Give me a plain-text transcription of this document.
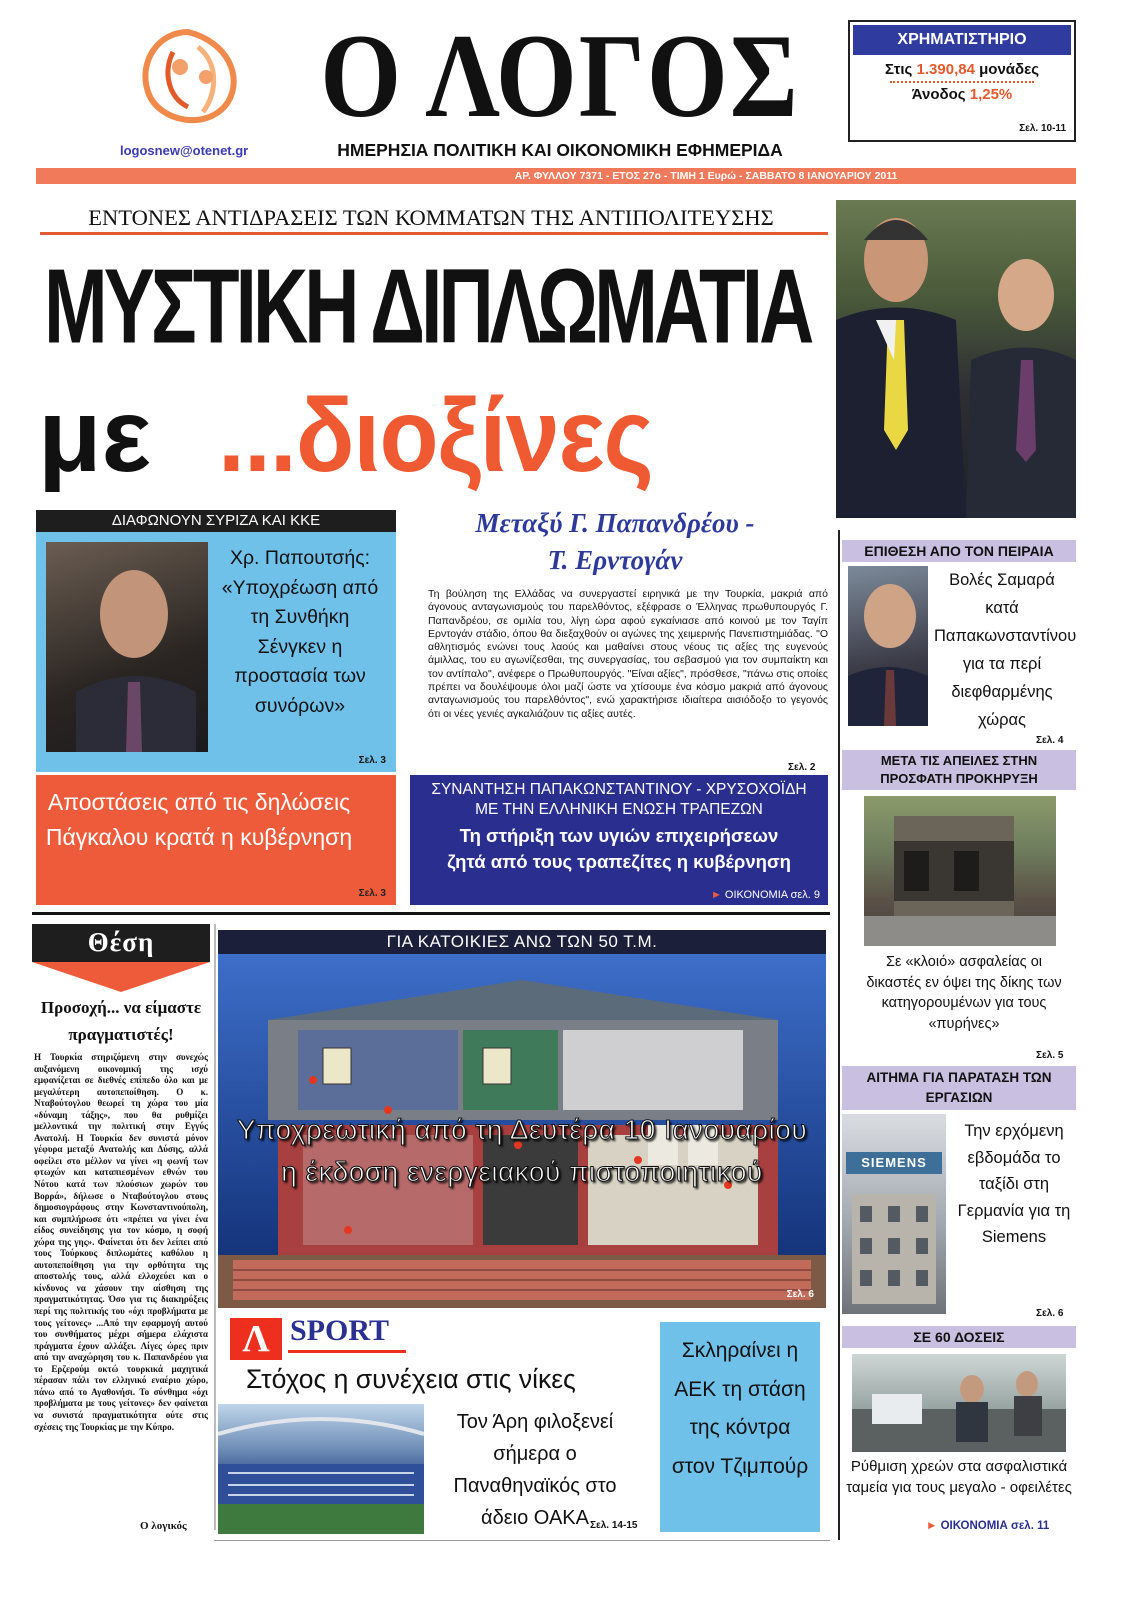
logosnew@otenet.gr
Ο ΛΟΓΟΣ
ΗΜΕΡΗΣΙΑ ΠΟΛΙΤΙΚΗ ΚΑΙ ΟΙΚΟΝΟΜΙΚΗ ΕΦΗΜΕΡΙΔΑ
ΧΡΗΜΑΤΙΣΤΗΡΙΟ
Στις 1.390,84 μονάδες
Άνοδος 1,25%
Σελ. 10-11
ΑΡ. ΦΥΛΛΟΥ 7371 - ΕΤΟΣ 27ο - ΤΙΜΗ 1 Ευρώ - ΣΑΒΒΑΤΟ 8 ΙΑΝΟΥΑΡΙΟΥ 2011
ΕΝΤΟΝΕΣ ΑΝΤΙΔΡΑΣΕΙΣ ΤΩΝ ΚΟΜΜΑΤΩΝ ΤΗΣ ΑΝΤΙΠΟΛΙΤΕΥΣΗΣ
ΜΥΣΤΙΚΗ ΔΙΠΛΩΜΑΤΙΑ
με ...διοξίνες
ΔΙΑΦΩΝΟΥΝ ΣΥΡΙΖΑ ΚΑΙ ΚΚΕ
Χρ. Παπουτσής: «Υποχρέωση από τη Συνθήκη Σένγκεν η προστασία των συνόρων»
Σελ. 3
Μεταξύ Γ. Παπανδρέου -
Τ. Ερντογάν
Τη βούληση της Ελλάδας να συνεργαστεί ειρηνικά με την Τουρκία, μακριά από άγονους ανταγωνισμούς του παρελθόντος, εξέφρασε ο Έλληνας πρωθυπουργός Γ. Παπανδρέου, σε ομιλία του, λίγη ώρα αφού εγκαίνιασε από κοινού με τον Ταγίπ Ερντογάν στάδιο, όπου θα διεξαχθούν οι αγώνες της χειμερινής Πανεπιστημιάδας. "Ο αθλητισμός ενώνει τους λαούς και μαθαίνει στους νέους τις αξίες της ευγενούς άμιλλας, του ευ αγωνίζεσθαι, της συνεργασίας, του σεβασμού για τον συμπαίκτη και τον αντίπαλο", ανέφερε ο Πρωθυπουργός. "Είναι αξίες", πρόσθεσε, "πάνω στις οποίες πρέπει να δουλέψουμε όλοι μαζί ώστε να χτίσουμε ένα κόσμο μακριά από άγονους ανταγωνισμούς του παρελθόντος", ενώ χαρακτήρισε ιδιαίτερα αισιόδοξο το γεγονός ότι οι νέες γενιές αγκαλιάζουν τις αξίες αυτές.
Σελ. 2
Αποστάσεις από τις δηλώσεις Πάγκαλου κρατά η κυβέρνηση
Σελ. 3
ΣΥΝΑΝΤΗΣΗ ΠΑΠΑΚΩΝΣΤΑΝΤΙΝΟΥ - ΧΡΥΣΟΧΟΪΔΗ
ΜΕ ΤΗΝ ΕΛΛΗΝΙΚΗ ΕΝΩΣΗ ΤΡΑΠΕΖΩΝ
Τη στήριξη των υγιών επιχειρήσεων
ζητά από τους τραπεζίτες η κυβέρνηση
► ΟΙΚΟΝΟΜΙΑ σελ. 9
ΕΠΙΘΕΣΗ ΑΠΟ ΤΟΝ ΠΕΙΡΑΙΑ
Βολές Σαμαρά κατά Παπακωνσταντίνου για τα περί διεφθαρμένης χώρας
Σελ. 4
ΜΕΤΑ ΤΙΣ ΑΠΕΙΛΕΣ ΣΤΗΝ
ΠΡΟΣΦΑΤΗ ΠΡΟΚΗΡΥΞΗ
Σε «κλοιό» ασφαλείας οι δικαστές εν όψει της δίκης των κατηγορουμένων για τους «πυρήνες»
Σελ. 5
ΑΙΤΗΜΑ ΓΙΑ ΠΑΡΑΤΑΣΗ ΤΩΝ
ΕΡΓΑΣΙΩΝ
SIEMENS
Την ερχόμενη εβδομάδα το ταξίδι στη Γερμανία για τη Siemens
Σελ. 6
ΣΕ 60 ΔΟΣΕΙΣ
Ρύθμιση χρεών στα ασφαλιστικά ταμεία για τους μεγαλο - οφειλέτες
► ΟΙΚΟΝΟΜΙΑ σελ. 11
Θέση
Προσοχή... να είμαστε πραγματιστές!
Η Τουρκία στηριζόμενη στην συνεχώς αυξανόμενη οικονομική της ισχύ εμφανίζεται σε διεθνές επίπεδο όλο και με μεγαλύτερη αυτοπεποίθηση. Ο κ. Νταβούτογλου θεωρεί τη χώρα του μία «δύναμη τάξης», που θα ρυθμίζει μελλοντικά την πολιτική στην Εγγύς Ανατολή. Η Τουρκία δεν συνιστά μόνον γέφυρα μεταξύ Ανατολής και Δύσης, αλλά οφείλει στο μέλλον να γίνει «η φωνή των φτωχών και καταπιεσμένων εθνών του Νότου κατά των πλούσιων χωρών του Βορρά», δήλωσε ο Νταβούτογλου στους δημοσιογράφους στην Κωνσταντινούπολη, και συμπλήρωσε ότι «πρέπει να γίνει ένα είδος συνείδησης για τον κόσμο, η σοφή χώρα της γης». Φαίνεται ότι δεν λείπει από τους Τούρκους διπλωμάτες καθόλου η αυτοπεποίθηση για την ορθότητα της αποστολής τους, αλλά ελλοχεύει και ο κίνδυνος να χάσουν την αίσθηση της πραγματικότητας. Όσο για τις διακηρύξεις περί της πολιτικής του «όχι προβλήματα με τους γείτονες» ...Από την εφαρμογή αυτού του συνθήματος μέχρι σήμερα ελάχιστα πράγματα έχουν αλλάξει. Λίγες ώρες πριν από την αναχώρηση του κ. Παπανδρέου για το Ερζερούμ οκτώ τουρκικά μαχητικά πέρασαν πάλι τον ελληνικό εναέριο χώρο, πάνω από το Αγαθονήσι. Το σύνθημα «όχι προβλήματα με τους γείτονες» δεν φαίνεται να συνιστά πραγματικότητα ούτε στις σχέσεις της Τουρκίας με την Κύπρο.
Ο λογικός
ΓΙΑ ΚΑΤΟΙΚΙΕΣ ΑΝΩ ΤΩΝ 50 Τ.Μ.
Υποχρεωτική από τη Δευτέρα 10 Ιανουαρίου
η έκδοση ενεργειακού πιστοποιητικού
Σελ. 6
Λ SPORT
Στόχος η συνέχεια στις νίκες
Τον Άρη φιλοξενεί σήμερα ο Παναθηναϊκός στο άδειο ΟΑΚΑ Σελ. 14-15
Σκληραίνει η ΑΕΚ τη στάση της κόντρα στον Τζιμπούρ
